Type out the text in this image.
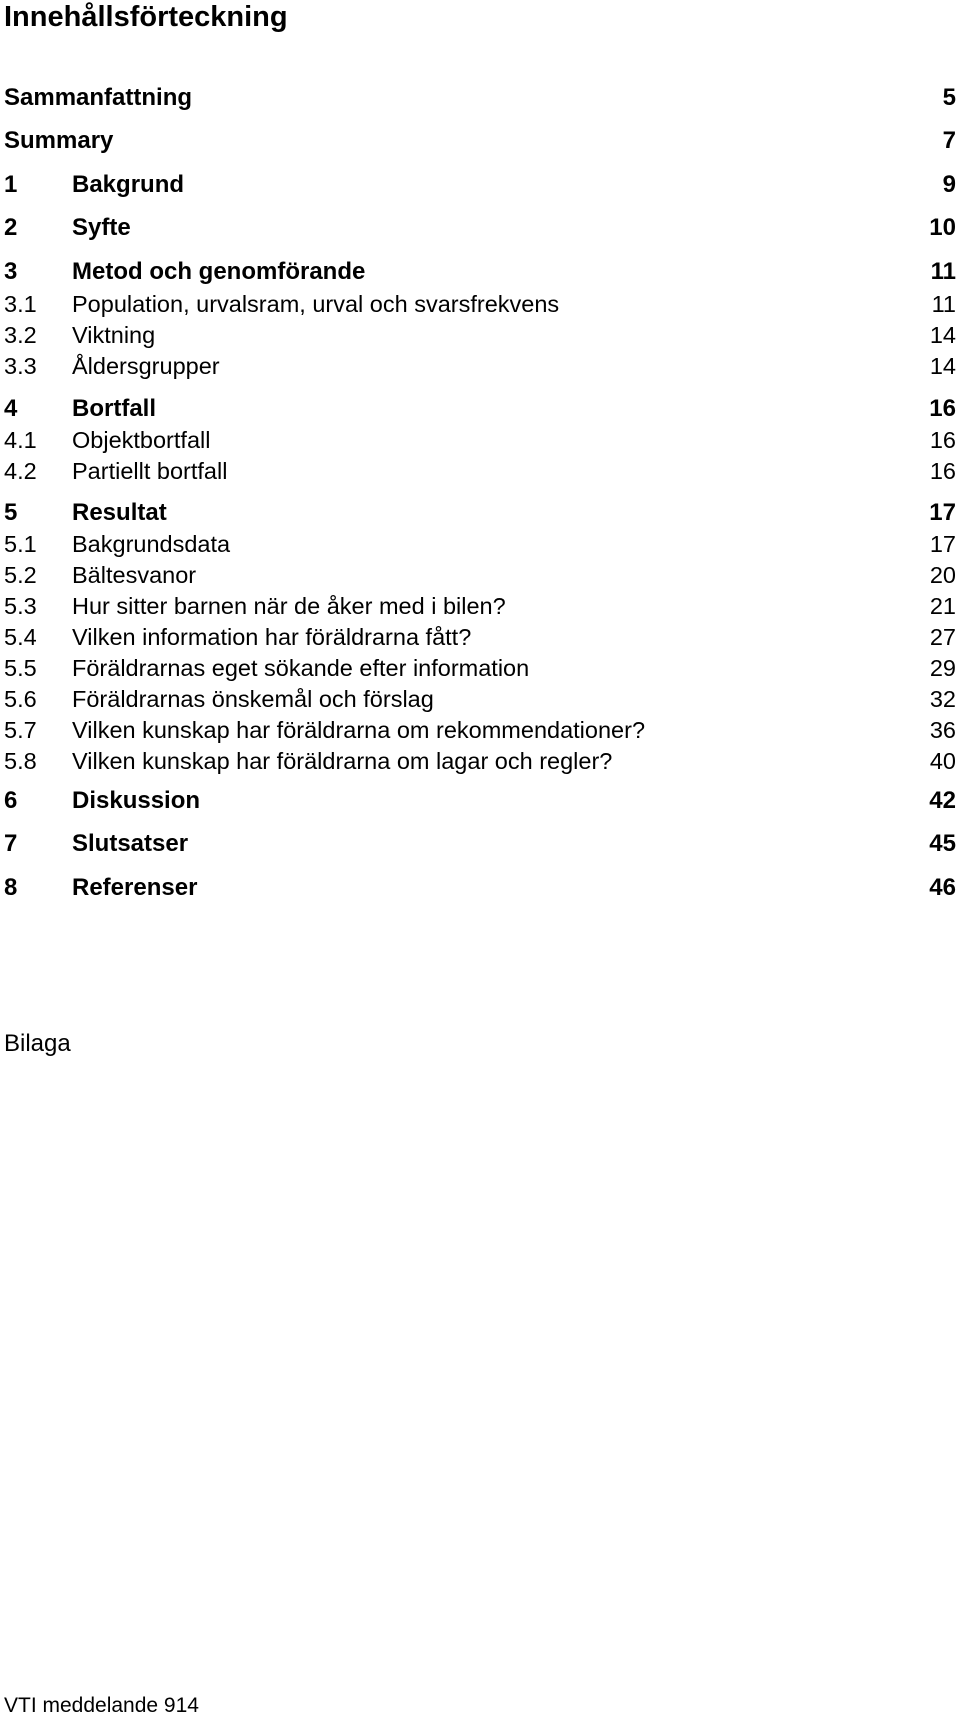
Innehållsförteckning
Sammanfattning	5
Summary	7
1 Bakgrund	9
2 Syfte	10
3 Metod och genomförande	11
3.1 Population, urvalsram, urval och svarsfrekvens	11
3.2 Viktning	14
3.3 Åldersgrupper	14
4 Bortfall	16
4.1 Objektbortfall	16
4.2 Partiellt bortfall	16
5 Resultat	17
5.1 Bakgrundsdata	17
5.2 Bältesvanor	20
5.3 Hur sitter barnen när de åker med i bilen?	21
5.4 Vilken information har föräldrarna fått?	27
5.5 Föräldrarnas eget sökande efter information	29
5.6 Föräldrarnas önskemål och förslag	32
5.7 Vilken kunskap har föräldrarna om rekommendationer?	36
5.8 Vilken kunskap har föräldrarna om lagar och regler?	40
6 Diskussion	42
7 Slutsatser	45
8 Referenser	46
Bilaga
VTI meddelande 914
